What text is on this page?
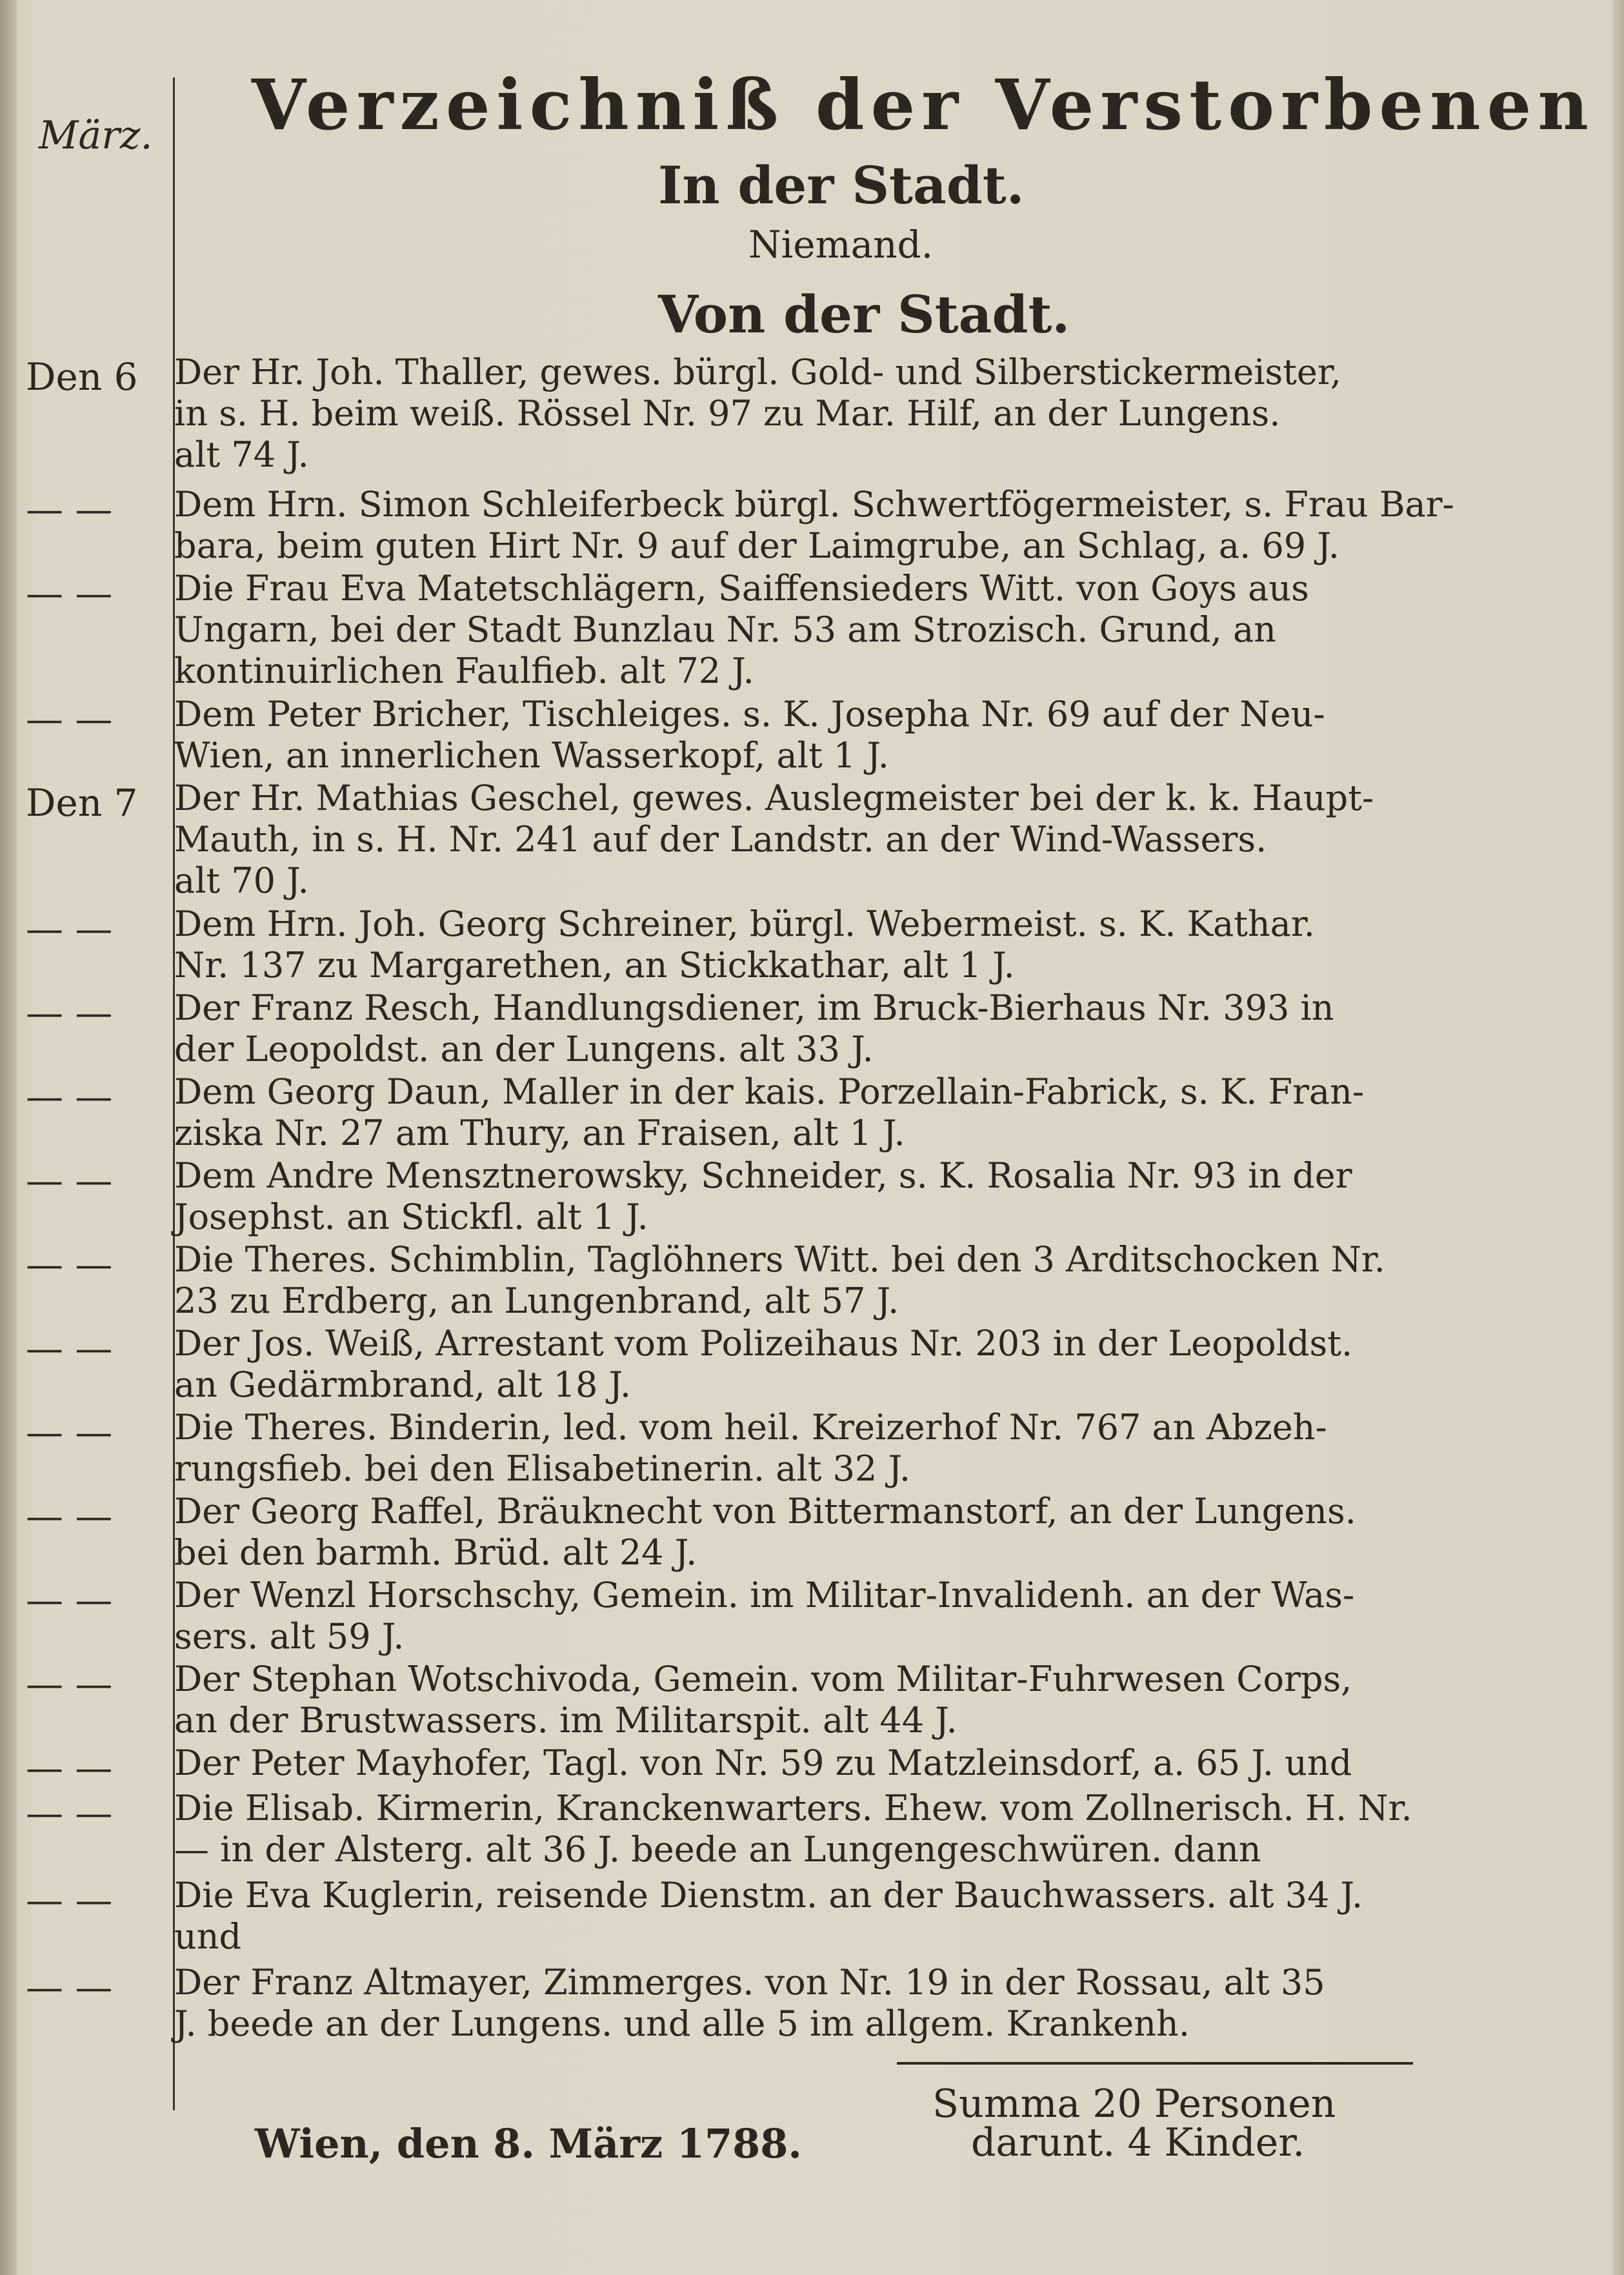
März. Verzeichniß der Verstorbenen
In der Stadt.
Niemand.
Von der Stadt.
Den 6 Der Hr. Joh. Thaller, gewes. bürgl. Gold- und Silberstickermeister,
in s. H. beim weiß. Rössel Nr. 97 zu Mar. Hilf, an der Lungens.
alt 74 J.
— — Dem Hrn. Simon Schleiferbeck bürgl. Schwertfögermeister, s. Frau Bar-
bara, beim guten Hirt Nr. 9 auf der Laimgrube, an Schlag, a. 69 J.
— — Die Frau Eva Matetschlägern, Saiffensieders Witt. von Goys aus
Ungarn, bei der Stadt Bunzlau Nr. 53 am Strozisch. Grund, an
kontinuirlichen Faulfieb. alt 72 J.
— — Dem Peter Bricher, Tischleiges. s. K. Josepha Nr. 69 auf der Neu-
Wien, an innerlichen Wasserkopf, alt 1 J.
Den 7 Der Hr. Mathias Geschel, gewes. Auslegmeister bei der k. k. Haupt-
Mauth, in s. H. Nr. 241 auf der Landstr. an der Wind-Wassers.
alt 70 J.
— — Dem Hrn. Joh. Georg Schreiner, bürgl. Webermeist. s. K. Kathar.
Nr. 137 zu Margarethen, an Stickkathar, alt 1 J.
— — Der Franz Resch, Handlungsdiener, im Bruck-Bierhaus Nr. 393 in
der Leopoldst. an der Lungens. alt 33 J.
— — Dem Georg Daun, Maller in der kais. Porzellain-Fabrick, s. K. Fran-
ziska Nr. 27 am Thury, an Fraisen, alt 1 J.
— — Dem Andre Mensztnerowsky, Schneider, s. K. Rosalia Nr. 93 in der
Josephst. an Stickfl. alt 1 J.
— — Die Theres. Schimblin, Taglöhners Witt. bei den 3 Arditschocken Nr.
23 zu Erdberg, an Lungenbrand, alt 57 J.
— — Der Jos. Weiß, Arrestant vom Polizeihaus Nr. 203 in der Leopoldst.
an Gedärmbrand, alt 18 J.
— — Die Theres. Binderin, led. vom heil. Kreizerhof Nr. 767 an Abzeh-
rungsfieb. bei den Elisabetinerin. alt 32 J.
— — Der Georg Raffel, Bräuknecht von Bittermanstorf, an der Lungens.
bei den barmh. Brüd. alt 24 J.
— — Der Wenzl Horschschy, Gemein. im Militar-Invalidenh. an der Was-
sers. alt 59 J.
— — Der Stephan Wotschivoda, Gemein. vom Militar-Fuhrwesen Corps,
an der Brustwassers. im Militarspit. alt 44 J.
— — Der Peter Mayhofer, Tagl. von Nr. 59 zu Matzleinsdorf, a. 65 J. und
— — Die Elisab. Kirmerin, Kranckenwarters. Ehew. vom Zollnerisch. H. Nr.
— in der Alsterg. alt 36 J. beede an Lungengeschwüren. dann
— — Die Eva Kuglerin, reisende Dienstm. an der Bauchwassers. alt 34 J.
und
— — Der Franz Altmayer, Zimmerges. von Nr. 19 in der Rossau, alt 35
J. beede an der Lungens. und alle 5 im allgem. Krankenh.
Summa 20 Personen
darunt. 4 Kinder.
Wien, den 8. März 1788.
